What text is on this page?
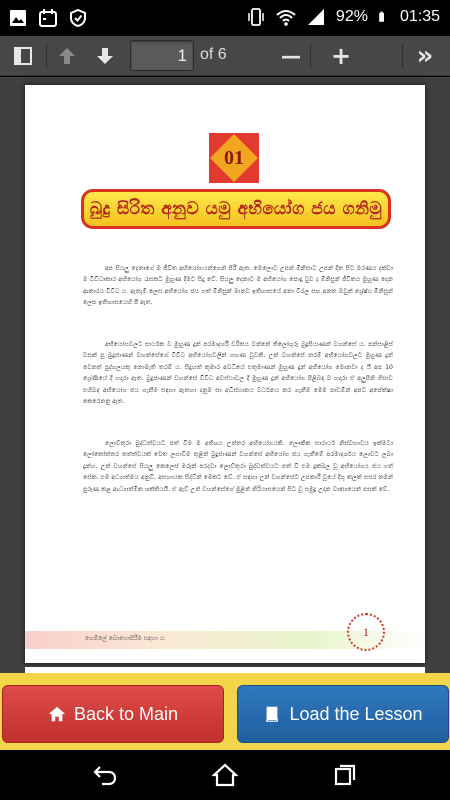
92% 01:35
1 of 6	— +	»
01
බුදු සිරිත අනුව යමු අභියෝග ජය ගනිමු

අප සියලු දෙනාගේ ම ජීවිත අභියෝගයන්ගෙන් පිරී ඇත. මෙලොව උපන් මිනිසාට උපන් දින සිට මරණය දක්වා ම විවිධාකාර අභියෝග රැසකට මුහුණ දීමට සිදු වේ. සියලු දෙනාට ම අභියෝග පොදු වුව ද මිනිසුන් ජීවිතය මුහුණ දෙන ආකාරය විවිධ ය. ඇතැම් ලෙස අභියෝග ජය ගත් මිනිසුන් මානව ඉතිහාසයේ අනා විරල සහ අනත ඔවුන් ශ්‍රේෂ්ඨ මිනිසුන් ලෙස ඉතිහාසයෙහි පී ඇත.

අභියෝගවලට සාර්ථක ව මුහුණ දුන් පරමාදර්ශී චරිතය වන්නේ තිලෝගුරු බුදුපියාණන් වහන්සේ ය. පන්සාළිස් වසක් පු බුදුජාණන් වහන්සේගේ විවිධ අභියෝගවලින් ගහණ වූවකි. උන් වහන්සේ තරම් අභියෝගවලට මුහුණ දුන් වෙනත් පුද්ගලයකු නොමැති තරම් ය. සිදුහත් කුමාර අවධියේ එතුමාණන් මුහුණ දුන් අභියෝග මොනවා ද යි අප 10 ශ්‍රේණියේ දී හදාරා ඇත. බුදුජාණන් වහන්සේ විවිධ අවස්ථාවල දී මුහුණ දුන් අභියෝග පිළිබඳ ව හදාරා ඒ අලුපිනි ගිසාව එහිබඳ අභියෝග ජය ගැනීම සඳහා ඇතහා දනුම සා අධිස්ඨානය වර්ධනය කර ගැනීම මෙම පාඩමින් අපට අපේක්ෂා කෙරෙනනු ඇත.

ලොව්තුරා බුද්ධත්වයට පත් වීම ම අතිශය උත්තර අභියෝගයකි. ලෞකික සාරාර්ථ නිස්වභාවය ඉක්මවා ලෝකෝත්තර තත්ත්වයක් වෙත ලගාවීම තුළින් බුදුජාණන් වහන්සේ අභියෝග ජය ගැනීමේ පරමාදර්ශය ලොවට ලබා දුන්හ. උන් වහන්සේ සියලු කෙලෙස් මරුන් පරදවා ලොව්තුරා බුද්ධත්වයට පත් වී එම දුක්ඛල වූ අභියෝගය ජය ගත් සේක. එම අධ්‍යාත්මය අනුවී, අසහායක සිද්ධීන් මෙකට වේ. ඒ සඳහා උන් වහන්සේට උපකාරී වූයේ දිගු කලක් සසර තමන් පුරුණ කළ ආධ්‍යාත්මික ශක්තියයි. ඒ ඇව් උන් වහන්සේගේ මුළින් නිරියාසයෙන් සිට වූ සමුදු උදාන වාක්‍යයෙන් පසක් වේ.

හෙම්ලේ බොහොපිරීම සඳහා ය.	1
Back to Main	Load the Lesson
